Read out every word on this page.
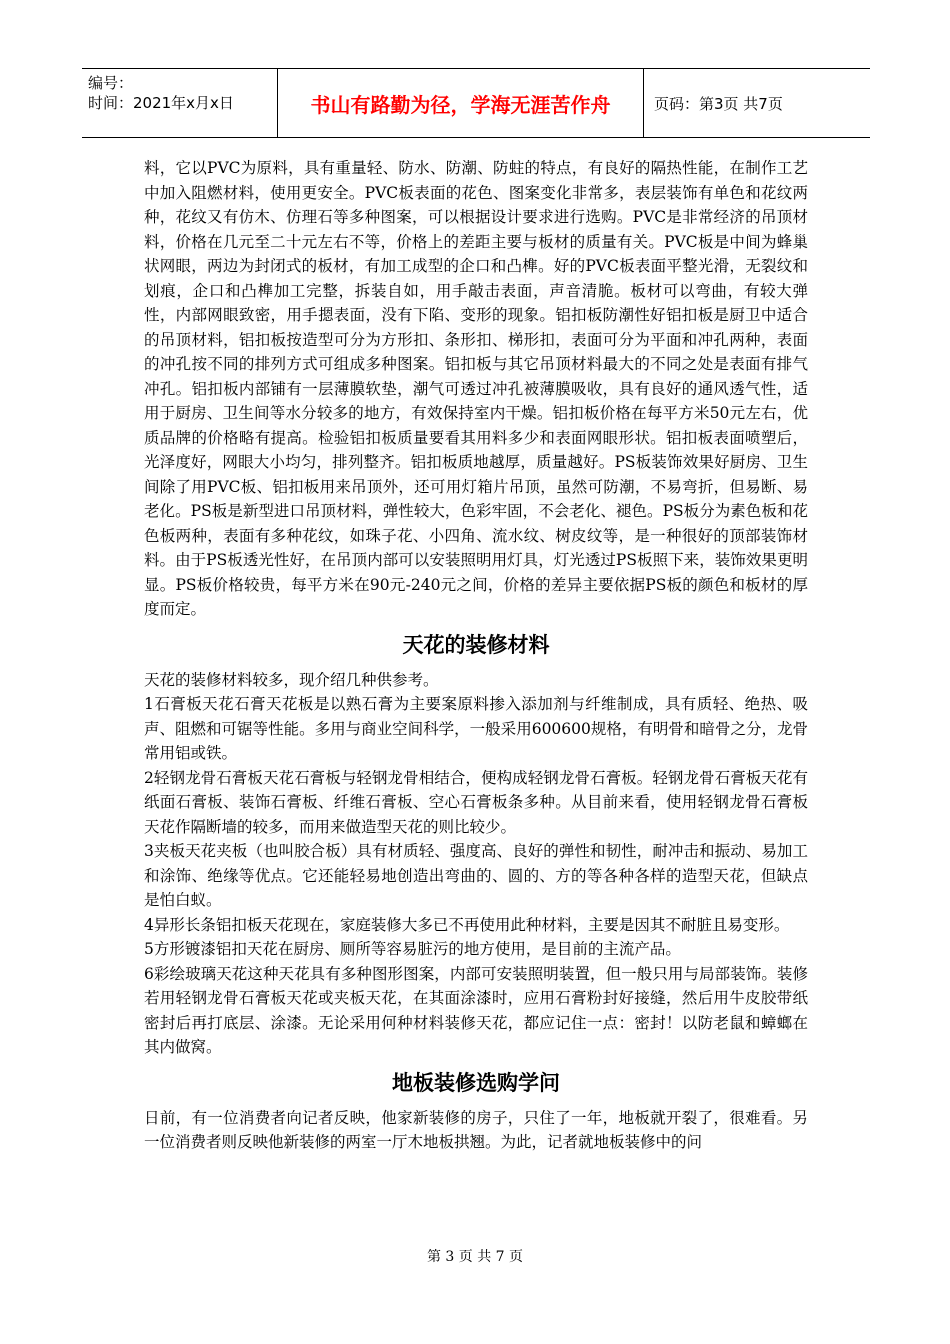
编号：
时间：2021年x月x日	书山有路勤为径，学海无涯苦作舟	页码：第3页 共7页

料，它以PVC为原料，具有重量轻、防水、防潮、防蛀的特点，有良好的隔热性能，在制作工艺中加入阻燃材料，使用更安全。PVC板表面的花色、图案变化非常多，表层装饰有单色和花纹两种，花纹又有仿木、仿理石等多种图案，可以根据设计要求进行选购。PVC是非常经济的吊顶材料，价格在几元至二十元左右不等，价格上的差距主要与板材的质量有关。PVC板是中间为蜂巢状网眼，两边为封闭式的板材，有加工成型的企口和凸榫。好的PVC板表面平整光滑，无裂纹和划痕，企口和凸榫加工完整，拆装自如，用手敲击表面，声音清脆。板材可以弯曲，有较大弹性，内部网眼致密，用手摁表面，没有下陷、变形的现象。铝扣板防潮性好铝扣板是厨卫中适合的吊顶材料，铝扣板按造型可分为方形扣、条形扣、梯形扣，表面可分为平面和冲孔两种，表面的冲孔按不同的排列方式可组成多种图案。铝扣板与其它吊顶材料最大的不同之处是表面有排气冲孔。铝扣板内部铺有一层薄膜软垫，潮气可透过冲孔被薄膜吸收，具有良好的通风透气性，适用于厨房、卫生间等水分较多的地方，有效保持室内干燥。铝扣板价格在每平方米50元左右，优质品牌的价格略有提高。检验铝扣板质量要看其用料多少和表面网眼形状。铝扣板表面喷塑后，光泽度好，网眼大小均匀，排列整齐。铝扣板质地越厚，质量越好。PS板装饰效果好厨房、卫生间除了用PVC板、铝扣板用来吊顶外，还可用灯箱片吊顶，虽然可防潮，不易弯折，但易断、易老化。PS板是新型进口吊顶材料，弹性较大，色彩牢固，不会老化、褪色。PS板分为素色板和花色板两种，表面有多种花纹，如珠子花、小四角、流水纹、树皮纹等，是一种很好的顶部装饰材料。由于PS板透光性好，在吊顶内部可以安装照明用灯具，灯光透过PS板照下来，装饰效果更明显。PS板价格较贵，每平方米在90元-240元之间，价格的差异主要依据PS板的颜色和板材的厚度而定。

天花的装修材料

天花的装修材料较多，现介绍几种供参考。

1石膏板天花石膏天花板是以熟石膏为主要案原料掺入添加剂与纤维制成，具有质轻、绝热、吸声、阻燃和可锯等性能。多用与商业空间科学，一般采用600600规格，有明骨和暗骨之分，龙骨常用铝或铁。

2轻钢龙骨石膏板天花石膏板与轻钢龙骨相结合，便构成轻钢龙骨石膏板。轻钢龙骨石膏板天花有纸面石膏板、装饰石膏板、纤维石膏板、空心石膏板条多种。从目前来看，使用轻钢龙骨石膏板天花作隔断墙的较多，而用来做造型天花的则比较少。

3夹板天花夹板（也叫胶合板）具有材质轻、强度高、良好的弹性和韧性，耐冲击和振动、易加工和涂饰、绝缘等优点。它还能轻易地创造出弯曲的、圆的、方的等各种各样的造型天花，但缺点是怕白蚁。

4异形长条铝扣板天花现在，家庭装修大多已不再使用此种材料，主要是因其不耐脏且易变形。

5方形镀漆铝扣天花在厨房、厕所等容易脏污的地方使用，是目前的主流产品。

6彩绘玻璃天花这种天花具有多种图形图案，内部可安装照明装置，但一般只用与局部装饰。装修若用轻钢龙骨石膏板天花或夹板天花，在其面涂漆时，应用石膏粉封好接缝，然后用牛皮胶带纸密封后再打底层、涂漆。无论采用何种材料装修天花，都应记住一点：密封！以防老鼠和蟑螂在其内做窝。

地板装修选购学问

日前，有一位消费者向记者反映，他家新装修的房子，只住了一年，地板就开裂了，很难看。另一位消费者则反映他新装修的两室一厅木地板拱翘。为此，记者就地板装修中的问

第 3 页 共 7 页
